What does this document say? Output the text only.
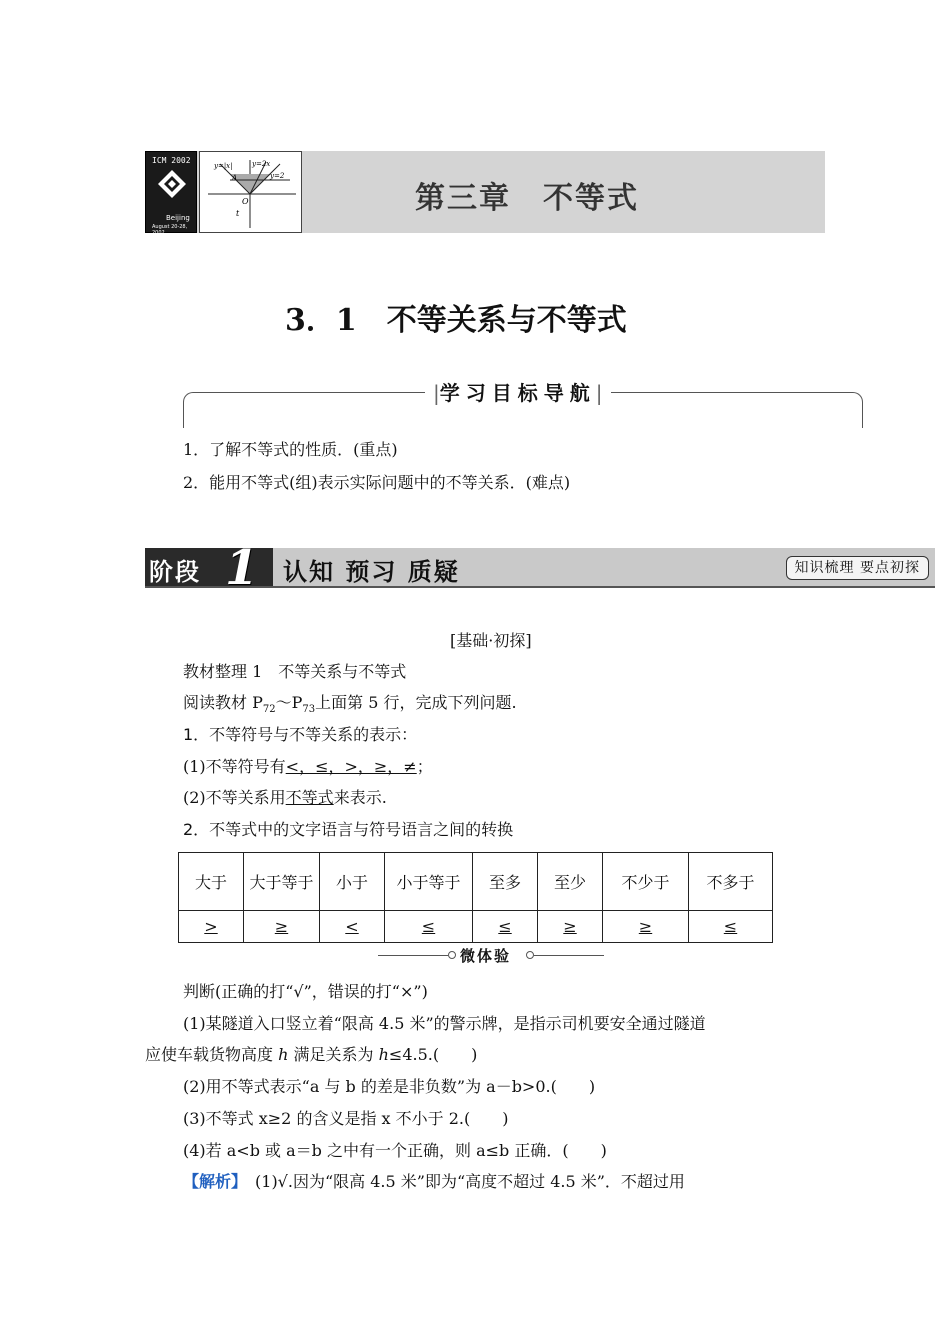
ICM 2002
Beijing
August 20-28, 2002
y=|x|	y=2x
A	y=2
O
t	第三章　不等式
3．1　不等关系与不等式
| 学习目标导航 |
1．了解不等式的性质．(重点)
2．能用不等式(组)表示实际问题中的不等关系．(难点)
阶段 1 认知 预习 质疑	知识梳理 要点初探
[基础·初探]
教材整理 1　不等关系与不等式
阅读教材 $P_{72}\sim P_{73}$上面第 5 行，完成下列问题.
1．不等符号与不等关系的表示：
(1)不等符号有<，≤，>，≥，≠；
(2)不等关系用不等式来表示.
2．不等式中的文字语言与符号语言之间的转换
大于	大于等于	小于	小于等于	至多	至少	不少于	不多于
>	≥	<	≤	≤	≥	≥	≤
微体验
判断(正确的打“√”，错误的打“×”)
(1)某隧道入口竖立着“限高 4.5 米”的警示牌，是指示司机要安全通过隧道
应使车载货物高度 h 满足关系为 h≤4.5.(　　)
(2)用不等式表示“a 与 b 的差是非负数”为 a－b>0.(　　)
(3)不等式 x≥2 的含义是指 x 不小于 2.(　　)
(4)若 a<b 或 a＝b 之中有一个正确，则 a≤b 正确．(　　)
【解析】　(1)√.因为“限高 4.5 米”即为“高度不超过 4.5 米”．不超过用
